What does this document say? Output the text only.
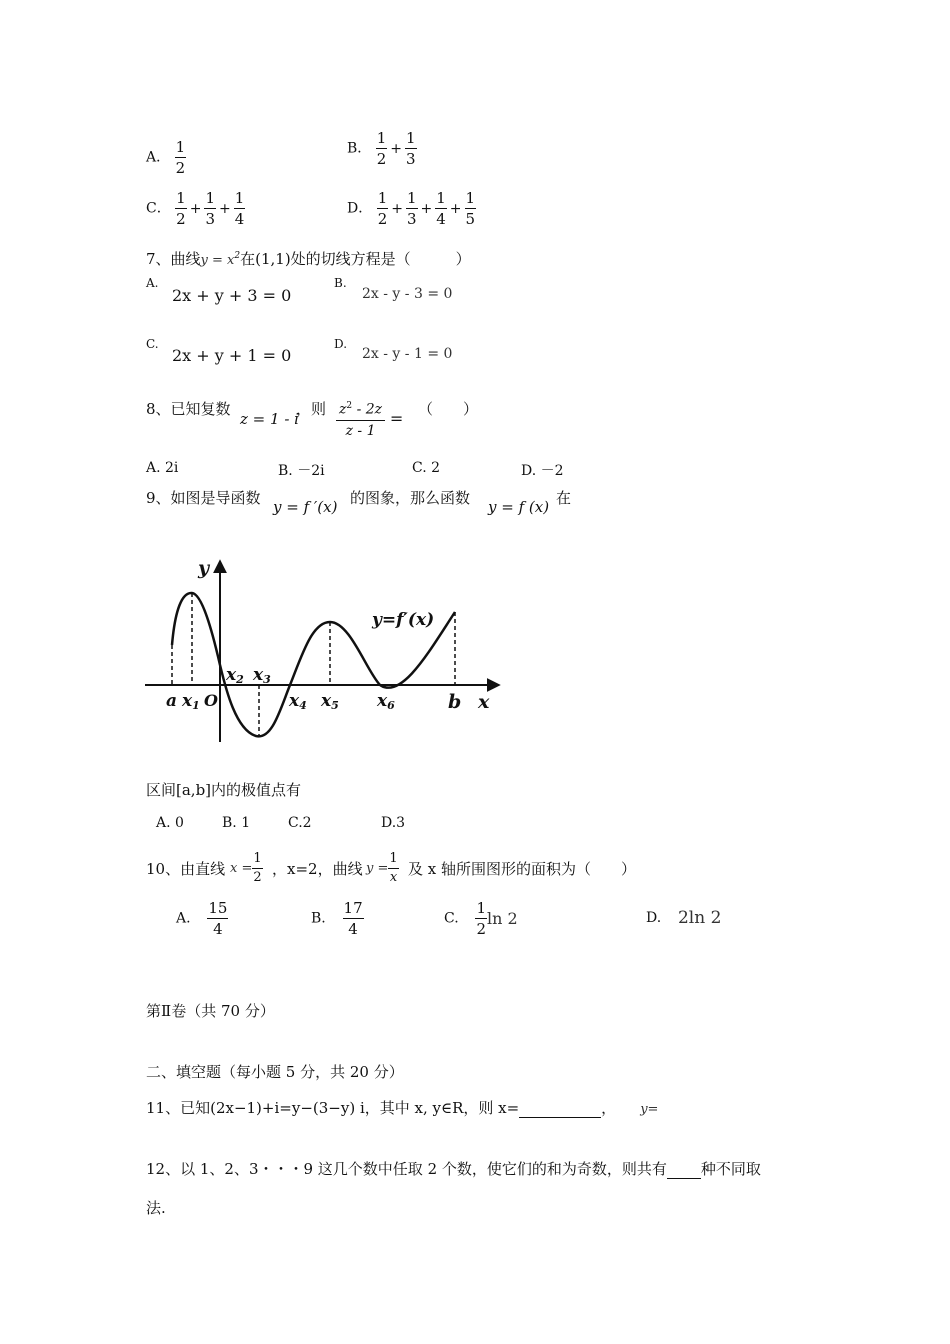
A． $\frac{1}{2}$	B． $\frac{1}{2} + \frac{1}{3}$
C． $\frac{1}{2} + \frac{1}{3} + \frac{1}{4}$	D． $\frac{1}{2} + \frac{1}{3} + \frac{1}{4} + \frac{1}{5}$
7、曲线$y = x^2$在(1,1)处的切线方程是（　　　）
A.
2x + y + 3 = 0
B.
2x - y - 3 = 0
C.
2x + y + 1 = 0
D.
2x - y - 1 = 0
8、已知复数
z = 1 - i
，则 $\frac{z^2 - 2z}{z - 1}$ = （　　）
A. 2i	B. －2i	C. 2	D. －2
9、如图是导函数 y = f ′(x) 的图象，那么函数 y = f (x) 在
y
x
a	b
O
x1
x2 x3
x4 x5 x6
y=f′(x)
区间[a,b]内的极值点有
A. 0	B. 1	C.2	D.3
10、由直线 $x = \frac{1}{2}$ ，x=2，曲线 $y = \frac{1}{x}$ 及 x 轴所围图形的面积为（　　）
A. $\frac{15}{4}$	B. $\frac{17}{4}$	C. $\frac{1}{2}$ ln 2	D. 2ln 2
第Ⅱ卷（共 70 分）
二、填空题（每小题 5 分，共 20 分）
11、已知(2x−1)+i=y−(3−y) i，其中 x, y∈R，则 x=	， y=
12、以 1、2、3・・・9 这几个数中任取 2 个数，使它们的和为奇数，则共有 种不同取
法.
